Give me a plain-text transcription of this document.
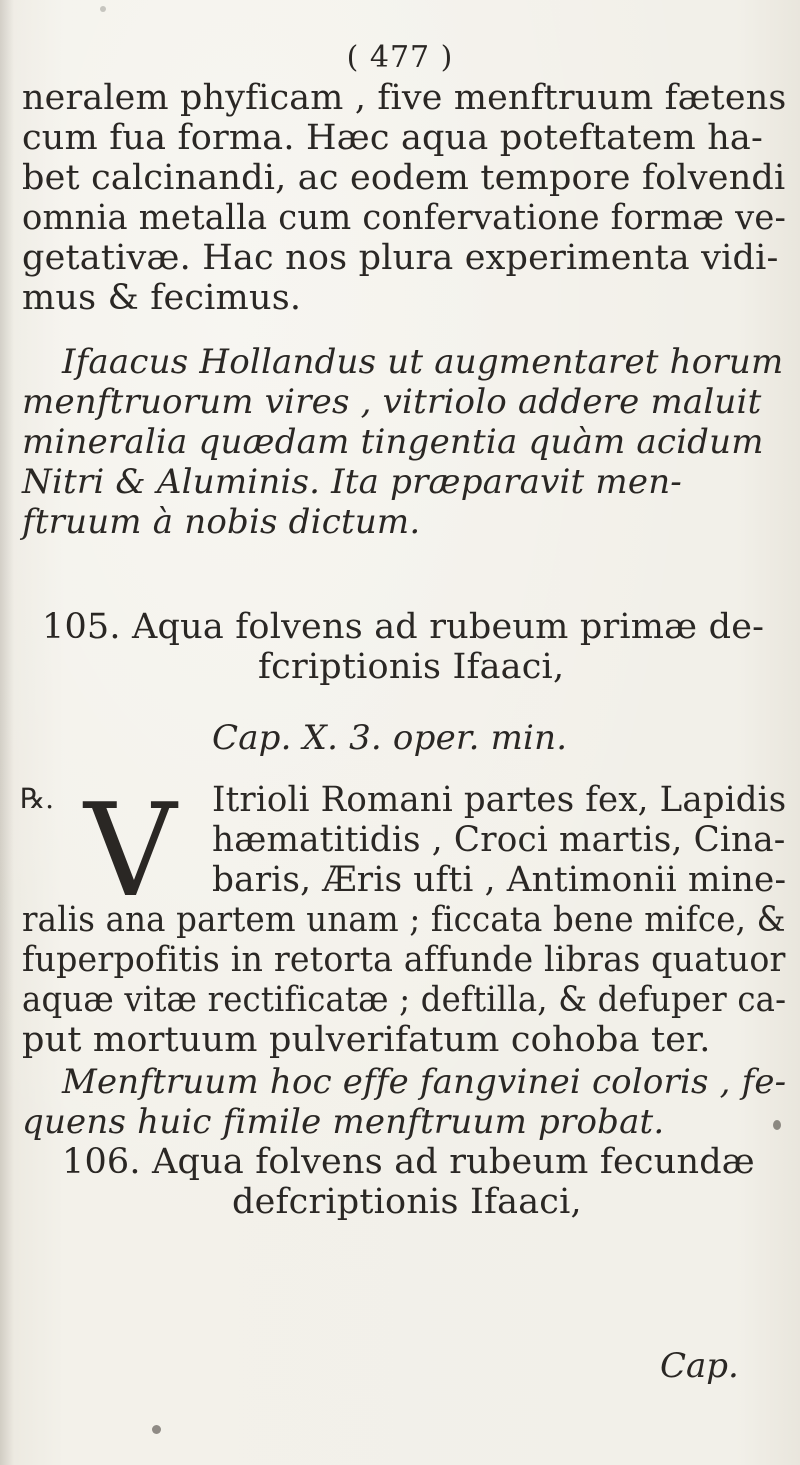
( 477 )
neralem phyficam , five menftruum fætens
cum fua forma. Hæc aqua poteftatem ha-
bet calcinandi, ac eodem tempore folvendi
omnia metalla cum confervatione formæ ve-
getativæ. Hac nos plura experimenta vidi-
mus & fecimus.
Ifaacus Hollandus ut augmentaret horum
menftruorum vires , vitriolo addere maluit
mineralia quædam tingentia quàm acidum
Nitri & Aluminis. Ita præparavit men-
ftruum à nobis dictum.
105. Aqua folvens ad rubeum primæ de-
fcriptionis Ifaaci,
Cap. X. 3. oper. min.
℞. V Itrioli Romani partes fex, Lapidis
hæmatitidis , Croci martis, Cina-
baris, Æris ufti , Antimonii mine-
ralis ana partem unam ; ficcata bene mifce, &
fuperpofitis in retorta affunde libras quatuor
aquæ vitæ rectificatæ ; deftilla, & defuper ca-
put mortuum pulverifatum cohoba ter.
Menftruum hoc effe fangvinei coloris , fe-
quens huic fimile menftruum probat.
106. Aqua folvens ad rubeum fecundæ
defcriptionis Ifaaci,
Cap.
